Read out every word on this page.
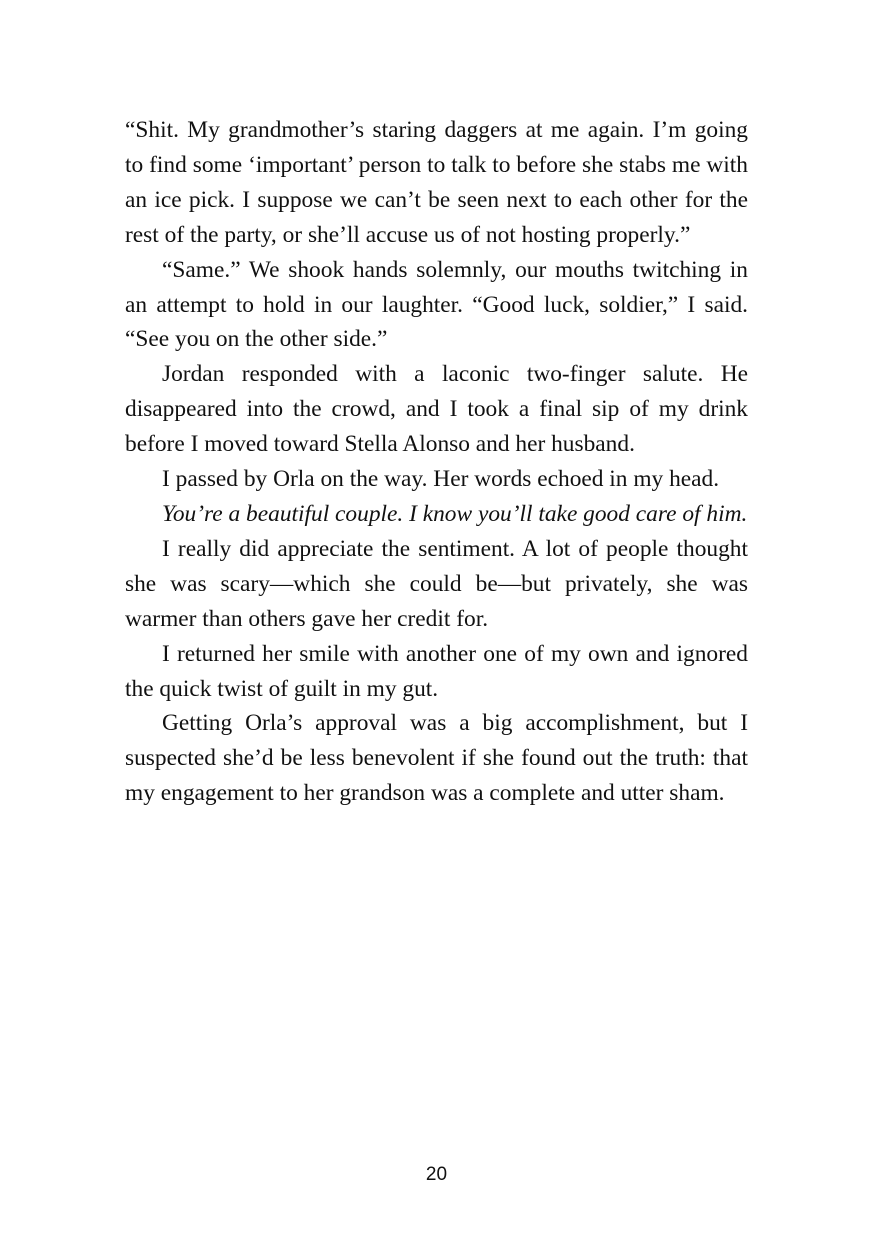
“Shit. My grandmother’s staring daggers at me again. I’m going to find some ‘important’ person to talk to before she stabs me with an ice pick. I suppose we can’t be seen next to each other for the rest of the party, or she’ll accuse us of not hosting properly.”

“Same.” We shook hands solemnly, our mouths twitching in an attempt to hold in our laughter. “Good luck, soldier,” I said. “See you on the other side.”

Jordan responded with a laconic two-finger salute. He disappeared into the crowd, and I took a final sip of my drink before I moved toward Stella Alonso and her husband.

I passed by Orla on the way. Her words echoed in my head.

You’re a beautiful couple. I know you’ll take good care of him.

I really did appreciate the sentiment. A lot of people thought she was scary—which she could be—but privately, she was warmer than others gave her credit for.

I returned her smile with another one of my own and ignored the quick twist of guilt in my gut.

Getting Orla’s approval was a big accomplishment, but I suspected she’d be less benevolent if she found out the truth: that my engagement to her grandson was a complete and utter sham.

20
